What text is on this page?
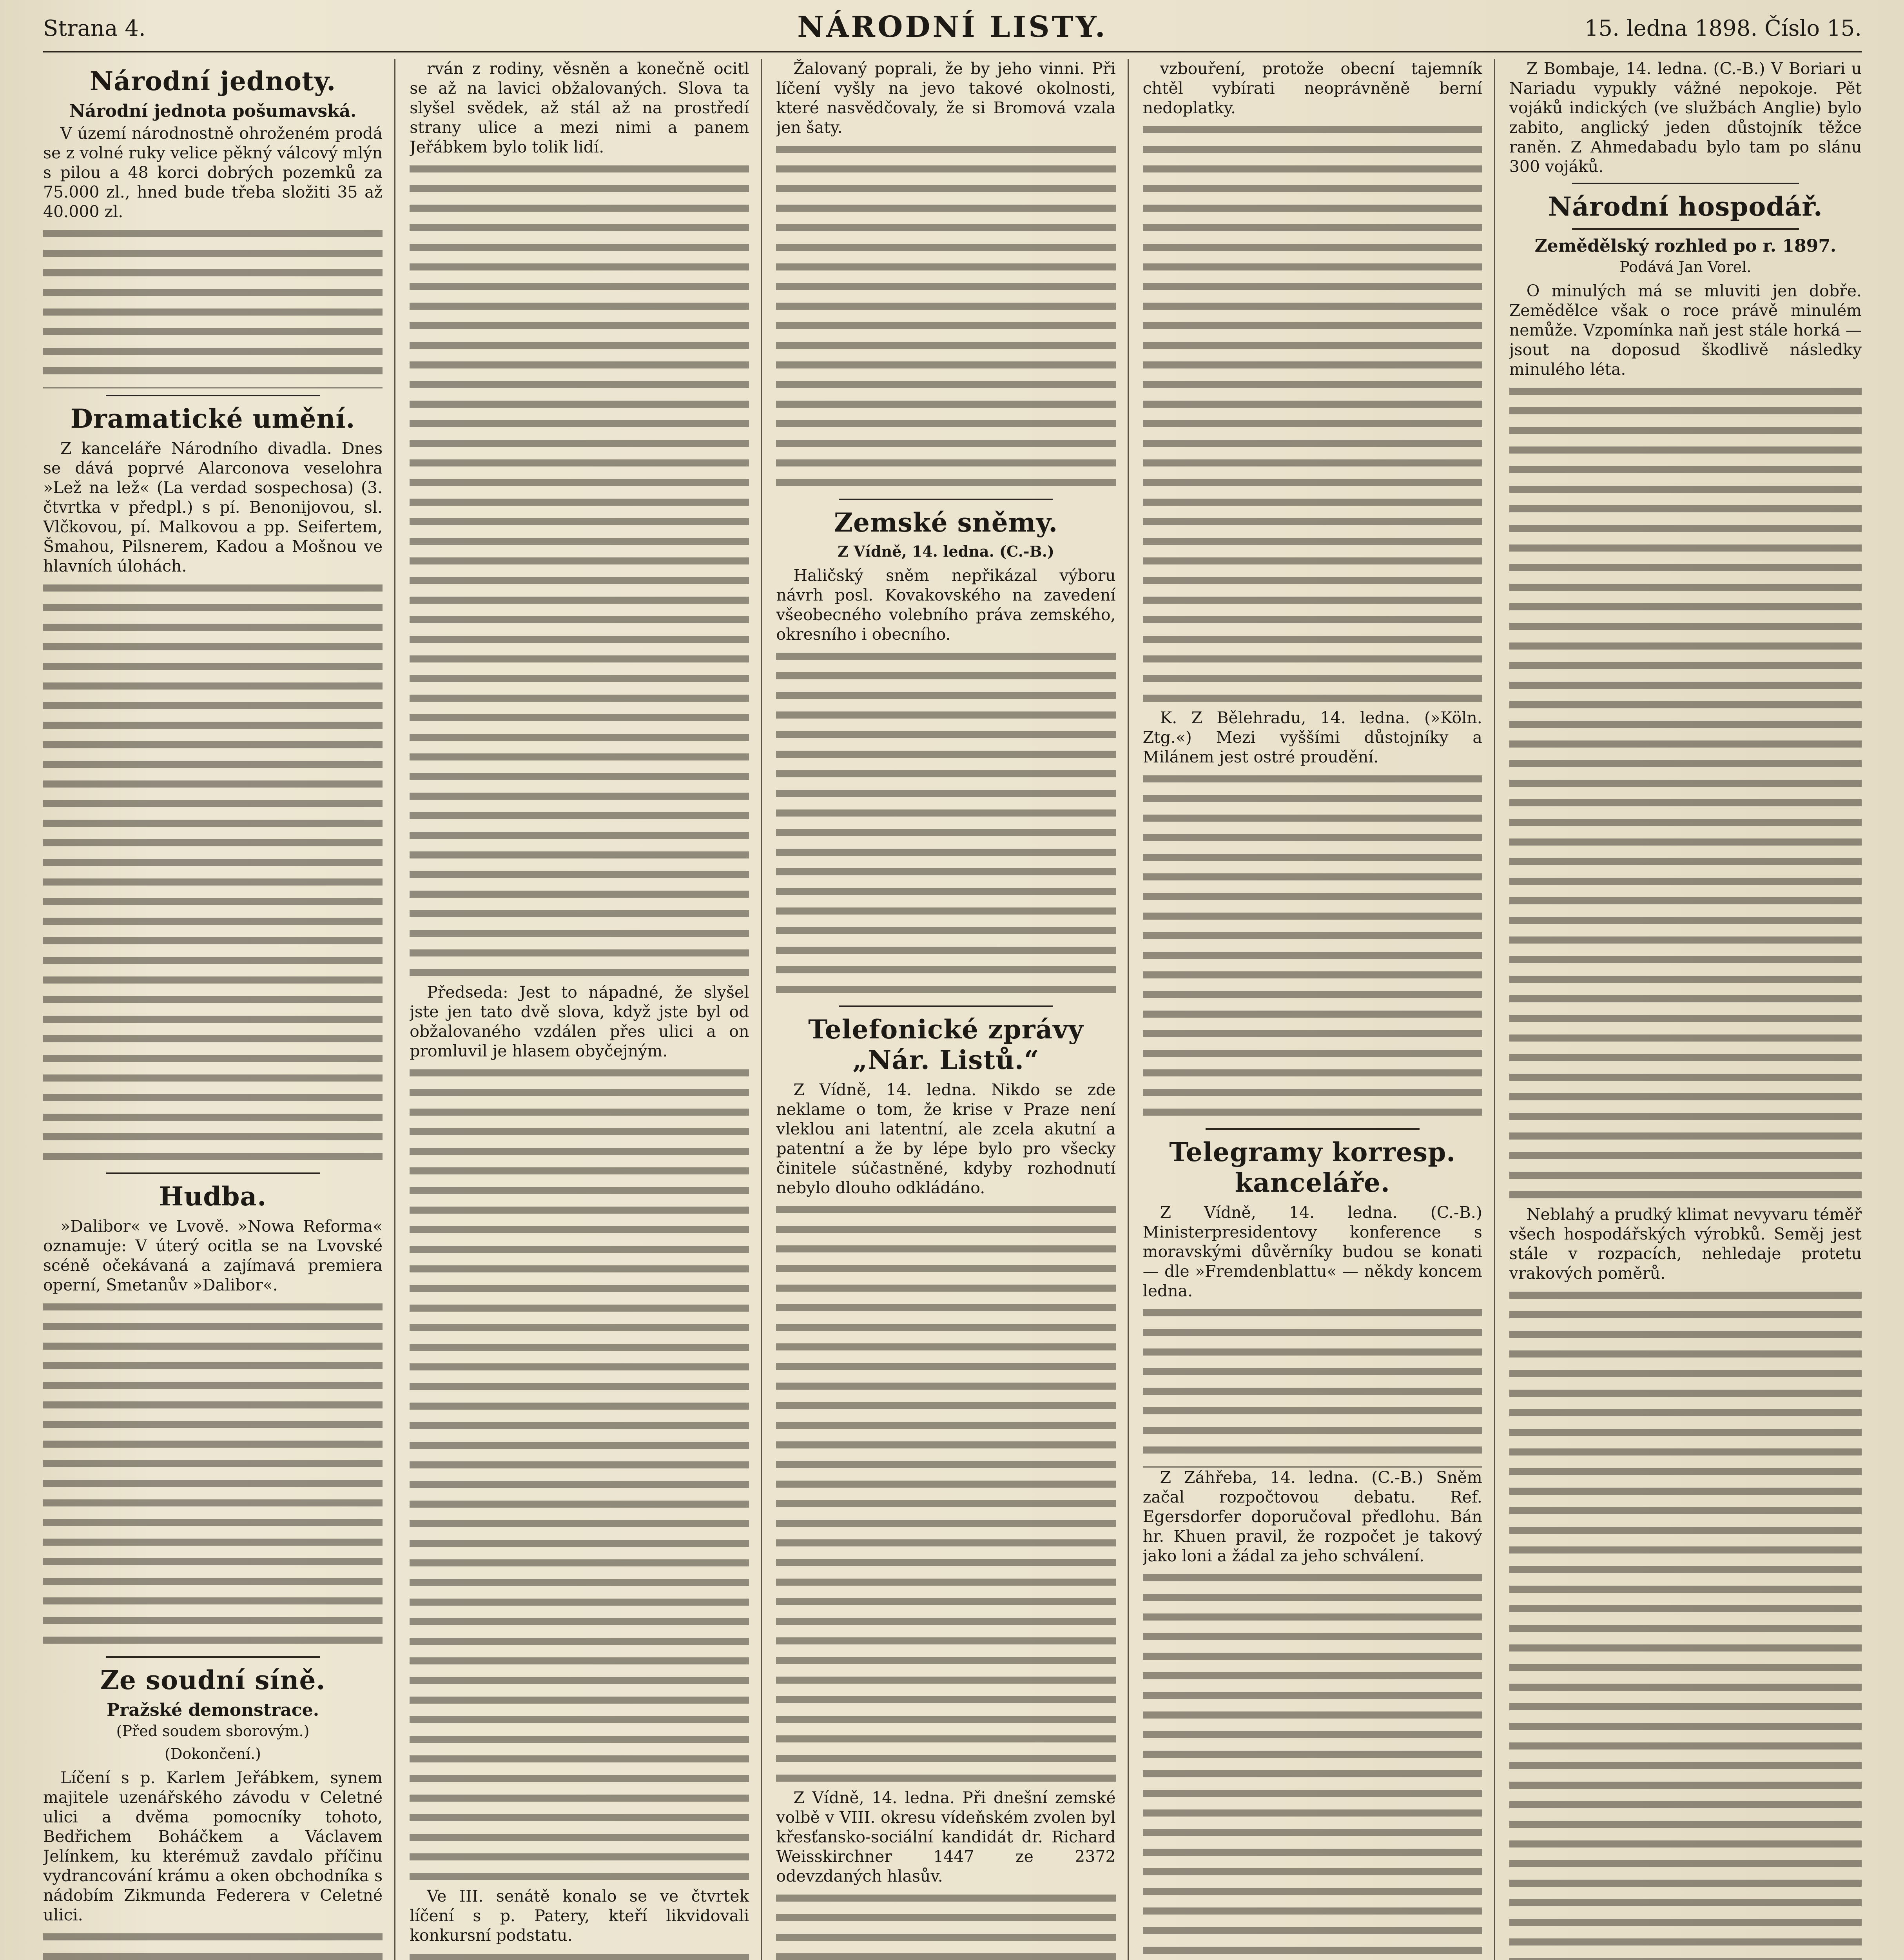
Strana 4.	NÁRODNÍ LISTY.	15. ledna 1898. Číslo 15.
Národní jednoty.
Národní jednota pošumavská.

V území národnostně ohroženém prodá se z volné ruky velice pěkný válcový mlýn s pilou a 48 korci dobrých pozemků za 75.000 zl., hned bude třeba složiti 35 až 40.000 zl.

Dramatické umění.

Z kanceláře Národního divadla. Dnes se dává poprvé Alarconova veselohra »Lež na lež« (La verdad sospechosa) (3. čtvrtka v předpl.) s pí. Benonijovou, sl. Vlčkovou, pí. Malkovou a pp. Seifertem, Šmahou, Pilsnerem, Kadou a Mošnou ve hlavních úlohách.

Hudba.

»Dalibor« ve Lvově. »Nowa Reforma« oznamuje: V úterý ocitla se na Lvovské scéně očekávaná a zajímavá premiera operní, Smetanův »Dalibor«.

Ze soudní síně.
Pražské demonstrace.
(Před soudem sborovým.)
(Dokončení.)

Líčení s p. Karlem Jeřábkem, synem majitele uzenářského závodu v Celetné ulici a dvěma pomocníky tohoto, Bedřichem Boháčkem a Václavem Jelínkem, ku kterémuž zavdalo příčinu vydrancování krámu a oken obchodníka s nádobím Zikmunda Federera v Celetné ulici.

rván z rodiny, věsněn a konečně ocitl se až na lavici obžalovaných. Slova ta slyšel svědek, až stál až na prostředí strany ulice a mezi nimi a panem Jeřábkem bylo tolik lidí.

Předseda: Jest to nápadné, že slyšel jste jen tato dvě slova, když jste byl od obžalovaného vzdálen přes ulici a on promluvil je hlasem obyčejným.

Ve III. senátě konalo se ve čtvrtek líčení s p. Patery, kteří likvidovali konkursní podstatu.

Žalovaný poprali, že by jeho vinni. Při líčení vyšly na jevo takové okolnosti, které nasvědčovaly, že si Bromová vzala jen šaty.

Zemské sněmy.
Z Vídně, 14. ledna. (C.-B.)

Haličský sněm nepřikázal výboru návrh posl. Kovakovského na zavedení všeobecného volebního práva zemského, okresního i obecního.

Telefonické zprávy „Nár. Listů.“

Z Vídně, 14. ledna. Nikdo se zde neklame o tom, že krise v Praze není vleklou ani latentní, ale zcela akutní a patentní a že by lépe bylo pro všecky činitele súčastněné, kdyby rozhodnutí nebylo dlouho odkládáno.

Z Vídně, 14. ledna. Při dnešní zemské volbě v VIII. okresu vídeňském zvolen byl křesťansko-sociální kandidát dr. Richard Weisskirchner 1447 ze 2372 odevzdaných hlasův.

vzbouření, protože obecní tajemník chtěl vybírati neoprávněně berní nedoplatky.

K. Z Bělehradu, 14. ledna. (»Köln. Ztg.«) Mezi vyššími důstojníky a Milánem jest ostré proudění.

Telegramy korresp. kanceláře.

Z Vídně, 14. ledna. (C.-B.) Ministerpresidentovy konference s moravskými důvěrníky budou se konati — dle »Fremdenblattu« — někdy koncem ledna.

Z Záhřeba, 14. ledna. (C.-B.) Sněm začal rozpočtovou debatu. Ref. Egersdorfer doporučoval předlohu. Bán hr. Khuen pravil, že rozpočet je takový jako loni a žádal za jeho schválení.

Z Bombaje, 14. ledna. (C.-B.) V Boriari u Nariadu vypukly vážné nepokoje. Pět vojáků indických (ve službách Anglie) bylo zabito, anglický jeden důstojník těžce raněn. Z Ahmedabadu bylo tam po slánu 300 vojáků.

Národní hospodář.
Zemědělský rozhled po r. 1897.
Podává Jan Vorel.

O minulých má se mluviti jen dobře. Zemědělce však o roce právě minulém nemůže. Vzpomínka naň jest stále horká — jsout na doposud škodlivě následky minulého léta.

Neblahý a prudký klimat nevyvaru téměř všech hospodářských výrobků. Seměj jest stále v rozpacích, nehledaje protetu vrakových poměrů.
